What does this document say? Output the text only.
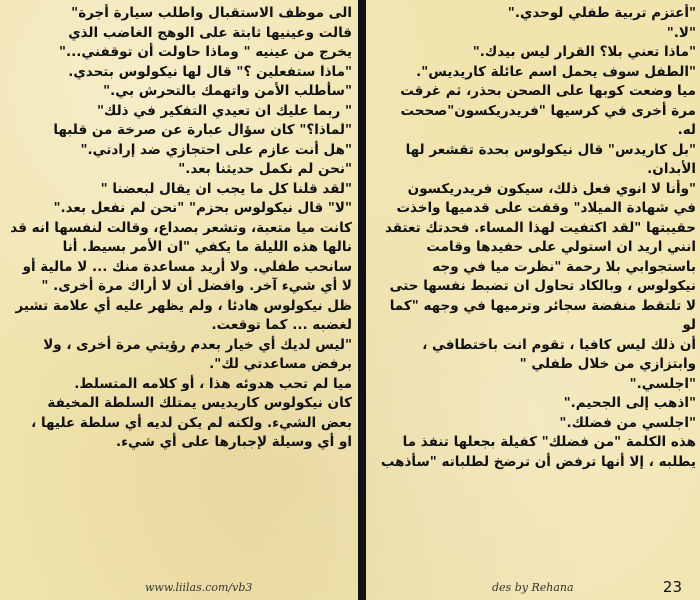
الى موظف الاستقبال واطلب سيارة أجرة"

قالت وعينيها ثابتة على الوهج الغاضب الذي

يخرج من عينيه " وماذا حاولت أن توقفني..."

"ماذا ستفعلين ؟" قال لها نيكولوس بتحدي.

"سأطلب الأمن واتهمك بالتحرش بي."

" ربما عليك ان تعيدي التفكير في ذلك"

"لماذا؟" كان سؤال عبارة عن صرخة من قلبها

"هل أنت عازم على احتجازي ضد إرادتي."

"نحن لم نكمل حديثنا بعد."

"لقد قلنا كل ما يجب ان يقال لبعضنا "

"لا" قال نيكولوس بحزم" "نحن لم نفعل بعد."

كانت ميا متعبة، وتشعر بصداع، وقالت لنفسها انه قد

نالها هذه الليلة ما يكفي "ان الأمر بسيط. أنا

سانحب طفلي. ولا أريد مساعدة منك ... لا مالية أو

لا أي شيء آخر. وافضل أن لا أراك مرة أخرى. "

ظل نيكولوس هادئا ، ولم يظهر عليه أي علامة تشير

لغضبه ... كما توقعت.

"ليس لديك أي خيار بعدم رؤيتي مرة أخرى ، ولا

برفض مساعدتي لك".

ميا لم تحب هدوئه هذا ، أو كلامه المتسلط.

كان نيكولوس كاريديس يمتلك السلطة المخيفة

بعض الشيء. ولكنه لم يكن لديه أي سلطة عليها ،

او أي وسيلة لإجبارها على أي شيء.

"أعتزم تربية طفلي لوحدي."

"لا."

"ماذا تعني بلا؟ القرار ليس بيدك."

"الطفل سوف يحمل اسم عائلة كاريديس".

ميا وضعت كوبها على الصحن بحذر، ثم غرقت

مرة أخرى في كرسيها "فريدريكسون"صححت

له.

"بل كاريدس" قال نيكولوس بحدة تقشعر لها

الأبدان.

"وأنا لا انوي فعل ذلك، سيكون فريدريكسون

في شهادة الميلاد" وقفت على قدميها واخذت

حقيبتها "لقد اكتفيت لهذا المساء. فحدتك تعتقد

انني اريد ان استولي على حفيدها وقامت

باستجوابي بلا رحمة "نظرت ميا في وجه

نيكولوس ، وبالكاد تحاول ان تضبط نفسها حتى

لا تلتقط منفضة سجائر وترميها في وجهه "كما لو

أن ذلك ليس كافيا ، تقوم انت باختطافي ،

وابتزازي من خلال طفلي "

"اجلسي."

"اذهب إلى الجحيم."

"اجلسي من فضلك."

هذه الكلمة "من فضلك" كفيلة بجعلها تنفذ ما

يطلبه ، إلا أنها ترفض أن ترضخ لطلباته "سأذهب

www.liilas.com/vb3	des by Rehana	23
